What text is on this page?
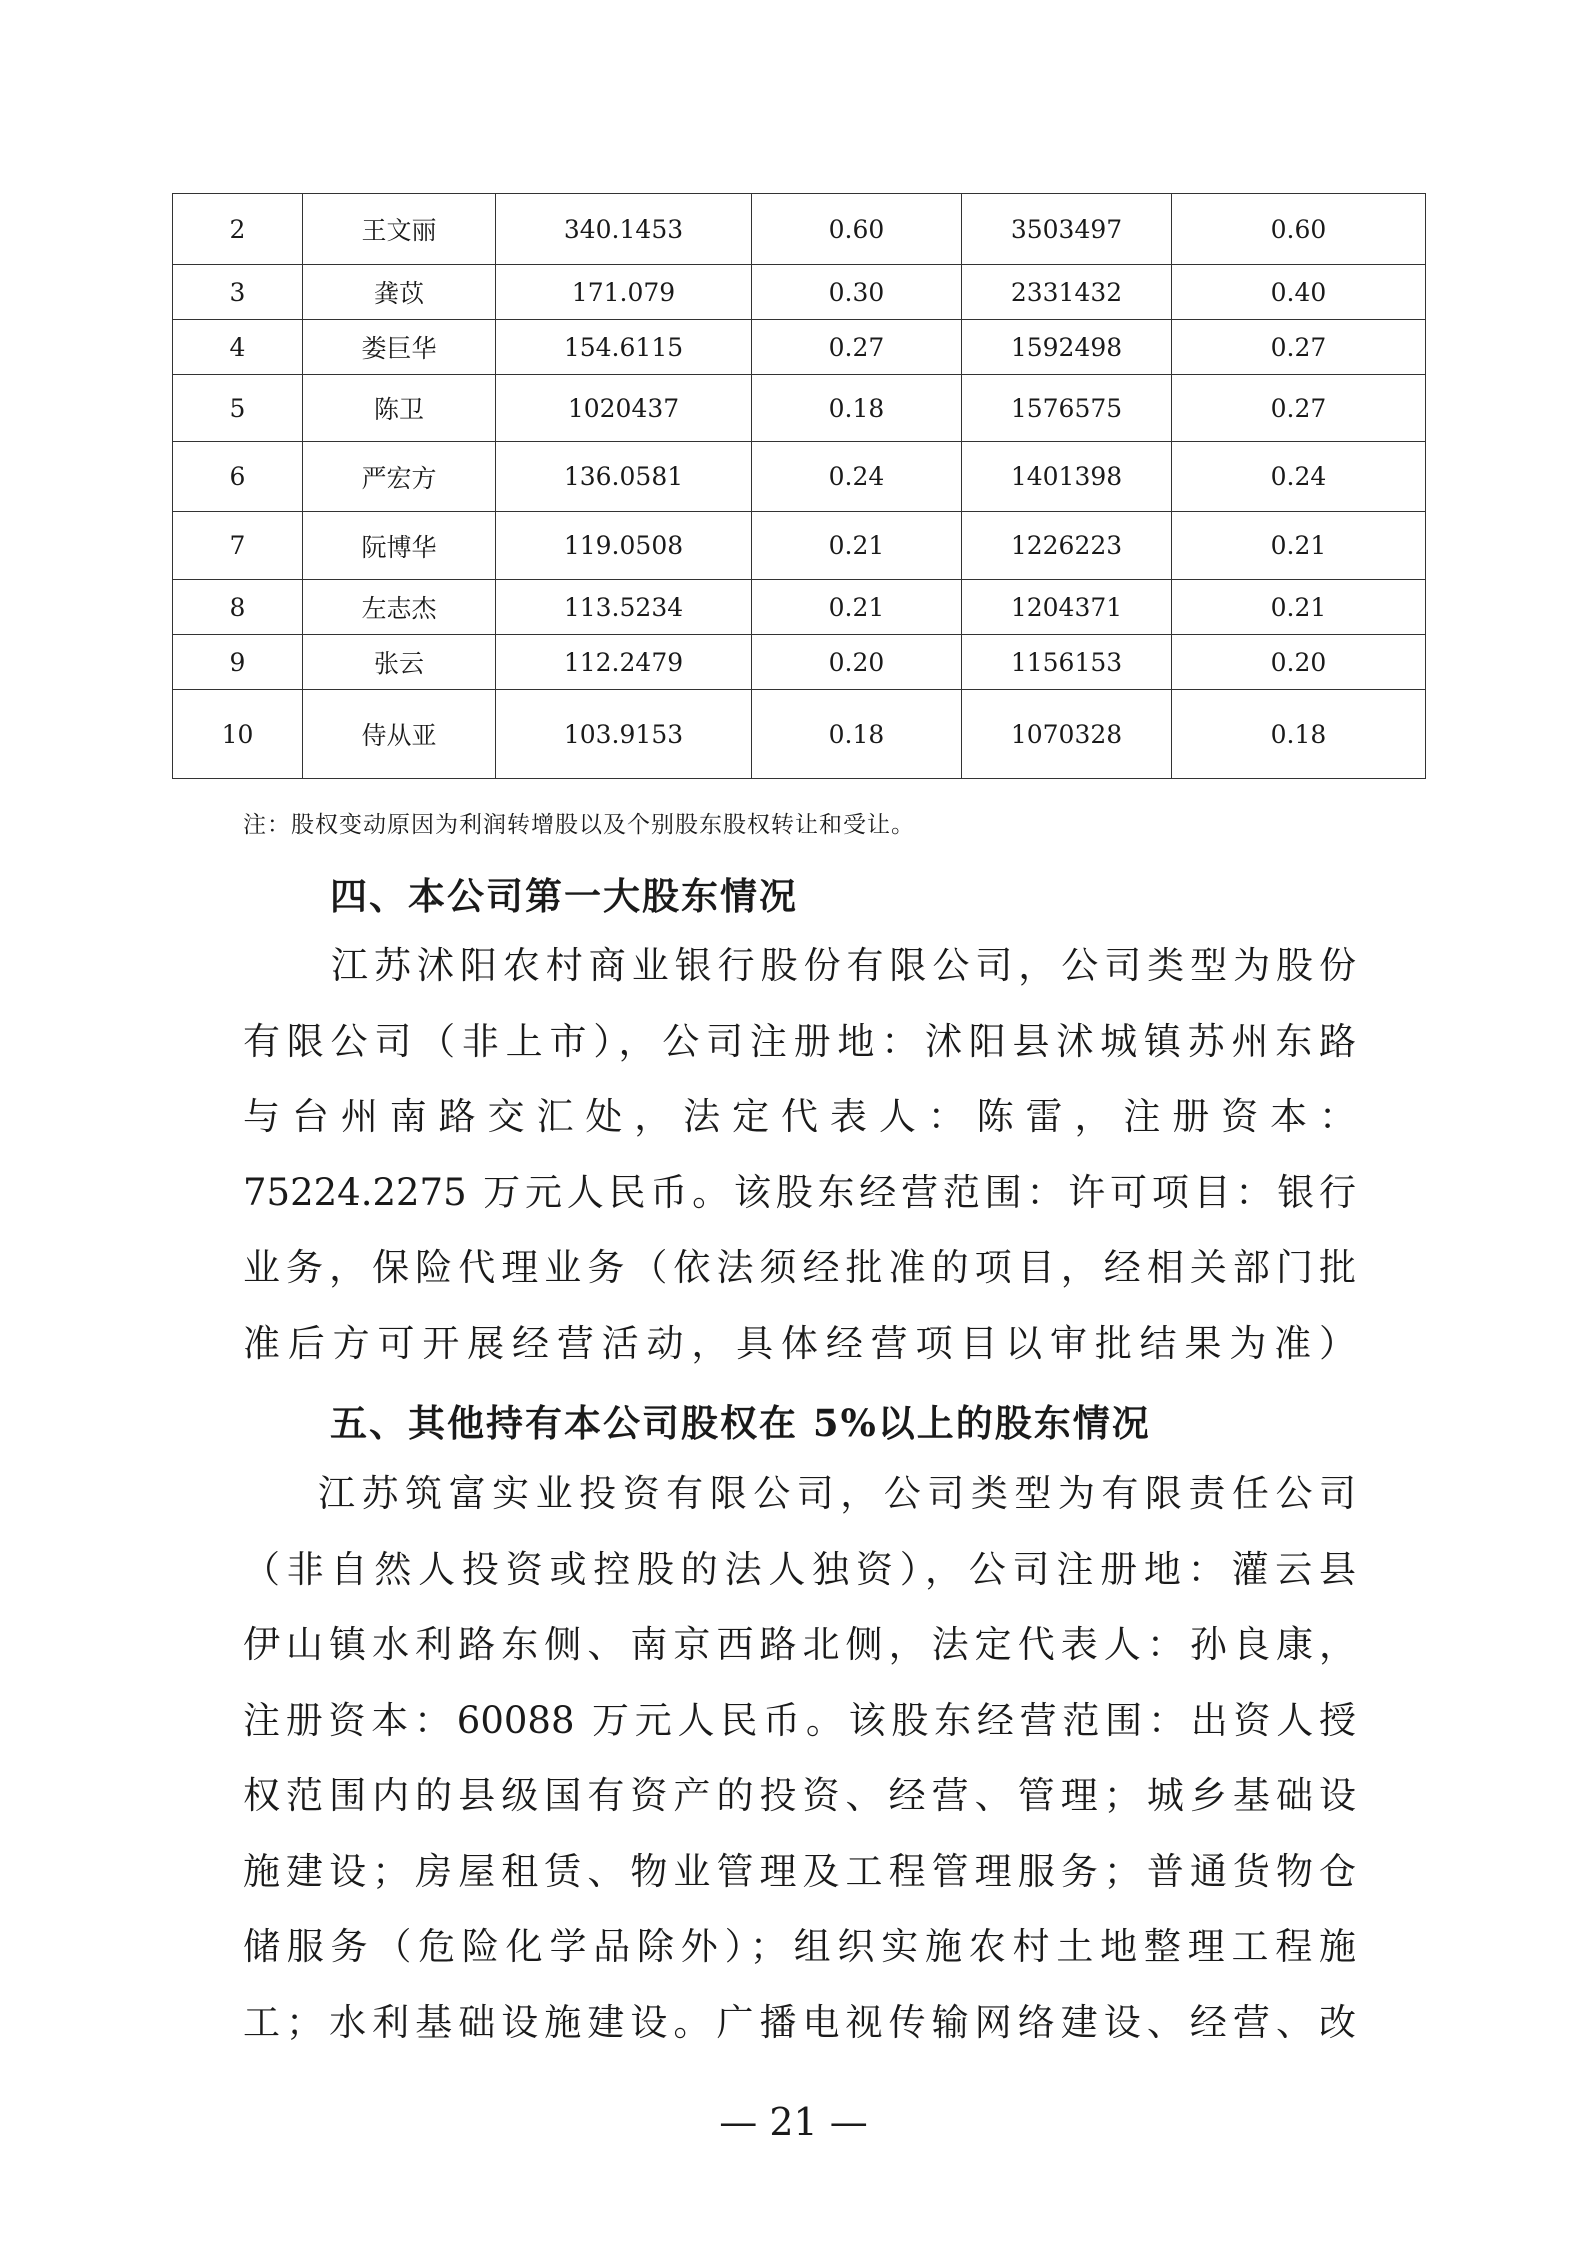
2	王文丽	340.1453	0.60	3503497	0.60
3	龚苡	171.079	0.30	2331432	0.40
4	娄巨华	154.6115	0.27	1592498	0.27
5	陈卫	1020437	0.18	1576575	0.27
6	严宏方	136.0581	0.24	1401398	0.24
7	阮博华	119.0508	0.21	1226223	0.21
8	左志杰	113.5234	0.21	1204371	0.21
9	张云	112.2479	0.20	1156153	0.20
10	侍从亚	103.9153	0.18	1070328	0.18
注：股权变动原因为利润转增股以及个别股东股权转让和受让。
四、本公司第一大股东情况
江苏沭阳农村商业银行股份有限公司，公司类型为股份
有限公司（非上市），公司注册地：沭阳县沭城镇苏州东路
与台州南路交汇处，法定代表人：陈雷，注册资本：
75224.2275 万元人民币。该股东经营范围：许可项目：银行
业务，保险代理业务（依法须经批准的项目，经相关部门批
准后方可开展经营活动，具体经营项目以审批结果为准）
五、其他持有本公司股权在 5%以上的股东情况
江苏筑富实业投资有限公司，公司类型为有限责任公司
（非自然人投资或控股的法人独资），公司注册地：灌云县
伊山镇水利路东侧、南京西路北侧，法定代表人：孙良康，
注册资本：60088 万元人民币。该股东经营范围：出资人授
权范围内的县级国有资产的投资、经营、管理；城乡基础设
施建设；房屋租赁、物业管理及工程管理服务；普通货物仓
储服务（危险化学品除外）；组织实施农村土地整理工程施
工；水利基础设施建设。广播电视传输网络建设、经营、改
— 21 —
